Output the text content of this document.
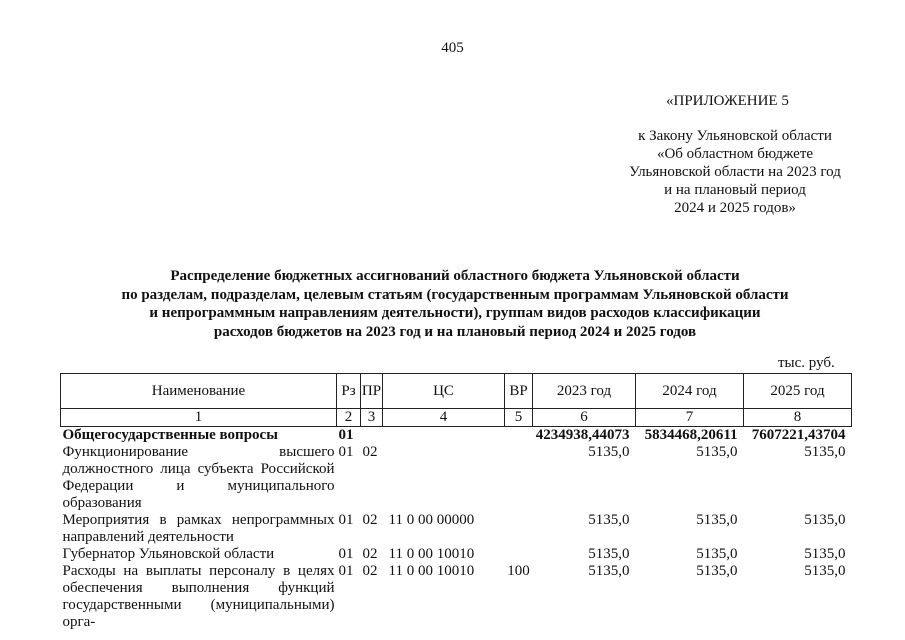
405
«ПРИЛОЖЕНИЕ 5
к Закону Ульяновской области
«Об областном бюджете
Ульяновской области на 2023 год
и на плановый период
2024 и 2025 годов»
Распределение бюджетных ассигнований областного бюджета Ульяновской области
по разделам, подразделам, целевым статьям (государственным программам Ульяновской области
и непрограммным направлениям деятельности), группам видов расходов классификации
расходов бюджетов на 2023 год и на плановый период 2024 и 2025 годов
тыс. руб.
Наименование	Рз	ПР	ЦС	ВР	2023 год	2024 год	2025 год
1	2	3	4	5	6	7	8
Общегосударственные вопросы	01				4234938,44073	5834468,20611	7607221,43704
Функционирование высшего должностного лица субъекта Российской Федерации и муниципального образования	01	02			5135,0	5135,0	5135,0
Мероприятия в рамках непрограммных направлений деятельности	01	02	11 0 00 00000		5135,0	5135,0	5135,0
Губернатор Ульяновской области	01	02	11 0 00 10010		5135,0	5135,0	5135,0
Расходы на выплаты персоналу в целях обеспечения выполнения функций государственными (муниципальными) орга-	01	02	11 0 00 10010	100	5135,0	5135,0	5135,0
